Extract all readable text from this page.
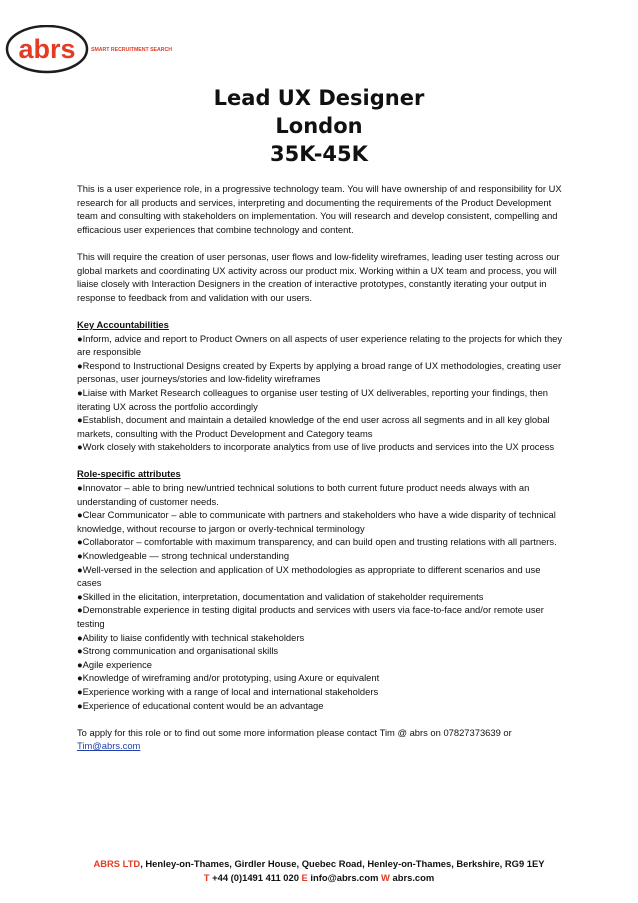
abrs	SMART RECRUITMENT SEARCH
Lead UX Designer
London
35K-45K

This is a user experience role, in a progressive technology team. You will have ownership of and responsibility for UX research for all products and services, interpreting and documenting the requirements of the Product Development team and consulting with stakeholders on implementation. You will research and develop consistent, compelling and efficacious user experiences that combine technology and content.

This will require the creation of user personas, user flows and low-fidelity wireframes, leading user testing across our global markets and coordinating UX activity across our product mix. Working within a UX team and process, you will liaise closely with Interaction Designers in the creation of interactive prototypes, constantly iterating your output in response to feedback from and validation with our users.

Key Accountabilities
● Inform, advice and report to Product Owners on all aspects of user experience relating to the projects for which they are responsible
● Respond to Instructional Designs created by Experts by applying a broad range of UX methodologies, creating user personas, user journeys/stories and low-fidelity wireframes
● Liaise with Market Research colleagues to organise user testing of UX deliverables, reporting your findings, then iterating UX across the portfolio accordingly
● Establish, document and maintain a detailed knowledge of the end user across all segments and in all key global markets, consulting with the Product Development and Category teams
● Work closely with stakeholders to incorporate analytics from use of live products and services into the UX process
Role-specific attributes
● Innovator – able to bring new/untried technical solutions to both current future product needs always with an understanding of customer needs.
● Clear Communicator – able to communicate with partners and stakeholders who have a wide disparity of technical knowledge, without recourse to jargon or overly-technical terminology
● Collaborator – comfortable with maximum transparency, and can build open and trusting relations with all partners.
● Knowledgeable — strong technical understanding
● Well-versed in the selection and application of UX methodologies as appropriate to different scenarios and use cases
● Skilled in the elicitation, interpretation, documentation and validation of stakeholder requirements
● Demonstrable experience in testing digital products and services with users via face-to-face and/or remote user testing
● Ability to liaise confidently with technical stakeholders
● Strong communication and organisational skills
● Agile experience
● Knowledge of wireframing and/or prototyping, using Axure or equivalent
● Experience working with a range of local and international stakeholders
● Experience of educational content would be an advantage
To apply for this role or to find out some more information please contact Tim @ abrs on 07827373639 or
Tim@abrs.com
ABRS LTD, Henley-on-Thames, Girdler House, Quebec Road, Henley-on-Thames, Berkshire, RG9 1EY
T +44 (0)1491 411 020 E info@abrs.com W abrs.com
